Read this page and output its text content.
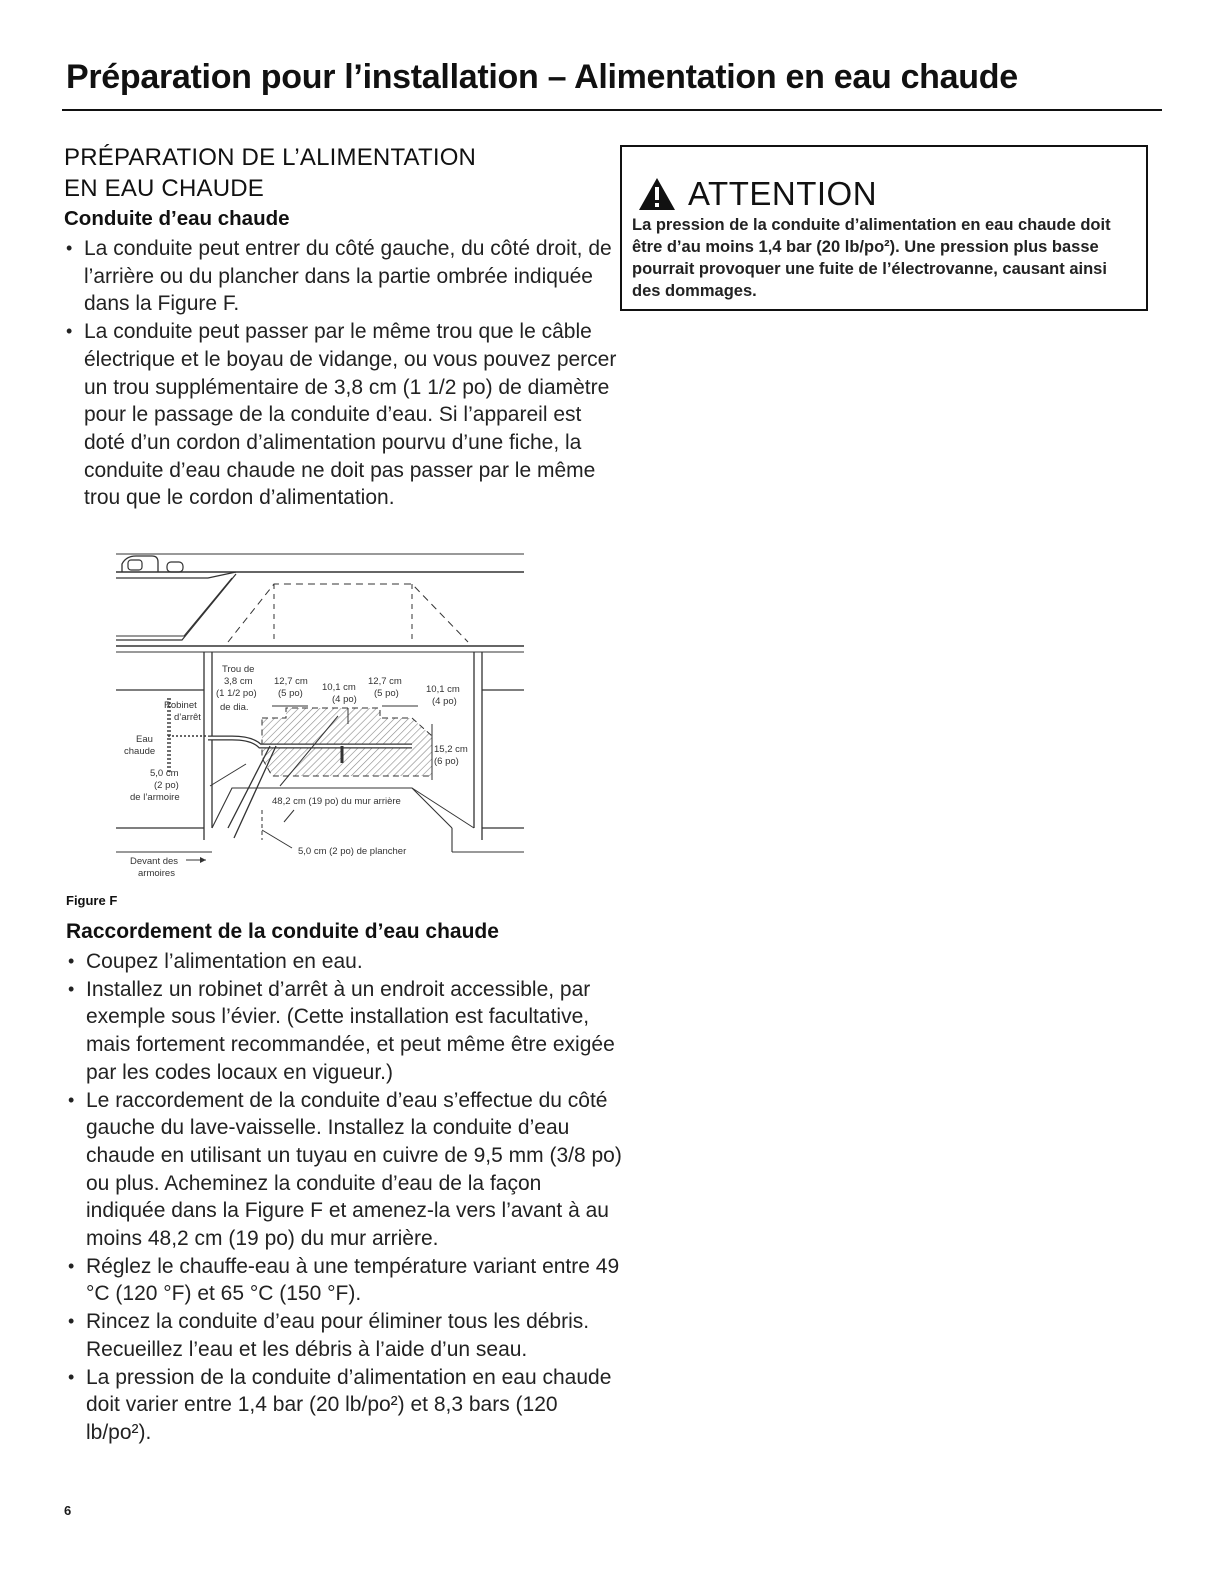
Préparation pour l’installation – Alimentation en eau chaude
PRÉPARATION DE L’ALIMENTATION
EN EAU CHAUDE
Conduite d’eau chaude
• La conduite peut entrer du côté gauche, du côté droit, de l’arrière ou du plancher dans la partie ombrée indiquée dans la Figure F.
• La conduite peut passer par le même trou que le câble électrique et le boyau de vidange, ou vous pouvez percer un trou supplémentaire de 3,8 cm (1 1/2 po) de diamètre pour le passage de la conduite d’eau. Si l’appareil est doté d’un cordon d’alimentation pourvu d’une fiche, la conduite d’eau chaude ne doit pas passer par le même trou que le cordon d’alimentation.
Trou de
3,8 cm
(1 1/2 po)
de dia.
Robinet
d’arrêt
Eau
chaude
5,0 cm
(2 po)
de l’armoire
12,7 cm
(5 po)
10,1 cm
(4 po)
12,7 cm
(5 po)	10,1 cm
(4 po)
15,2 cm
(6 po)
48,2 cm (19 po) du mur arrière
5,0 cm (2 po) de plancher
Devant des
armoires
Figure F
Raccordement de la conduite d’eau chaude
• Coupez l’alimentation en eau.
• Installez un robinet d’arrêt à un endroit accessible, par exemple sous l’évier. (Cette installation est facultative, mais fortement recommandée, et peut même être exigée par les codes locaux en vigueur.)
• Le raccordement de la conduite d’eau s’effectue du côté gauche du lave-vaisselle. Installez la conduite d’eau chaude en utilisant un tuyau en cuivre de 9,5 mm (3/8 po) ou plus. Acheminez la conduite d’eau de la façon indiquée dans la Figure F et amenez-la vers l’avant à au moins 48,2 cm (19 po) du mur arrière.
• Réglez le chauffe-eau à une température variant entre 49 °C (120 °F) et 65 °C (150 °F).
• Rincez la conduite d’eau pour éliminer tous les débris. Recueillez l’eau et les débris à l’aide d’un seau.
• La pression de la conduite d’alimentation en eau chaude doit varier entre 1,4 bar (20 lb/po²) et 8,3 bars (120 lb/po²).
6
ATTENTION
La pression de la conduite d’alimentation en eau chaude doit être d’au moins 1,4 bar (20 lb/po²). Une pression plus basse pourrait provoquer une fuite de l’électrovanne, causant ainsi des dommages.
